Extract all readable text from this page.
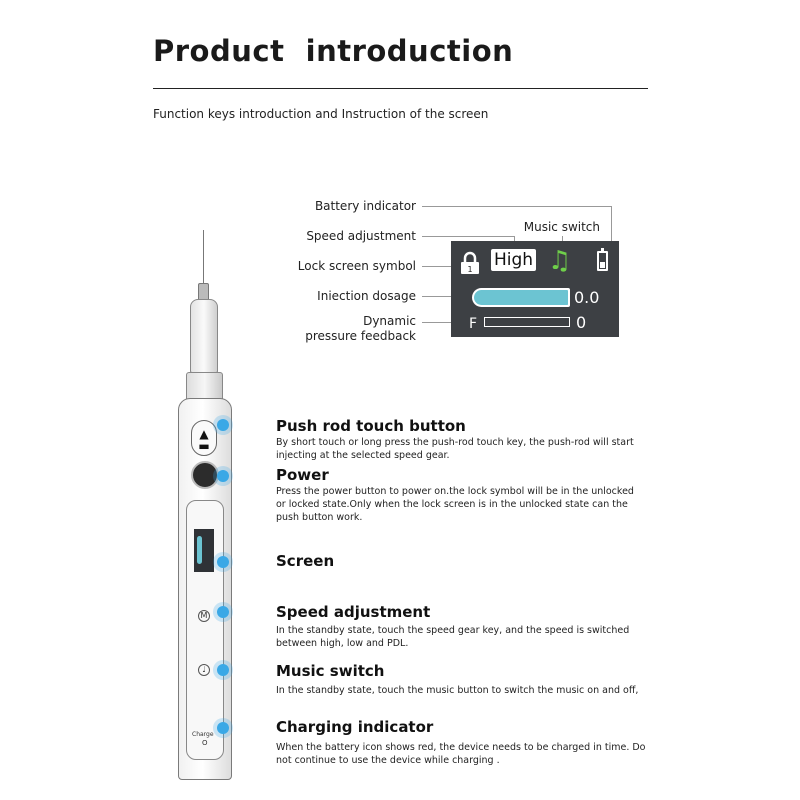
Product  introduction
Function keys introduction and Instruction of the screen
Battery indicator
Music switch
Speed adjustment
Lock screen symbol
Iniection dosage
Dynamic
pressure feedback
1 High ♫
0.0
F	0
▲
▬
M
♩
Charge
O
Push rod touch button
By short touch or long press the push-rod touch key, the push-rod will start injecting at the selected speed gear.
Power
Press the power button to power on.the lock symbol will be in the unlocked or locked state.Only when the lock screen is in the unlocked state can the push button work.
Screen
Speed adjustment
In the standby state, touch the speed gear key, and the speed is switched between high, low and PDL.
Music switch
In the standby state, touch the music button to switch the music on and off,
Charging indicator
When the battery icon shows red, the device needs to be charged in time. Do not continue to use the device while charging .
